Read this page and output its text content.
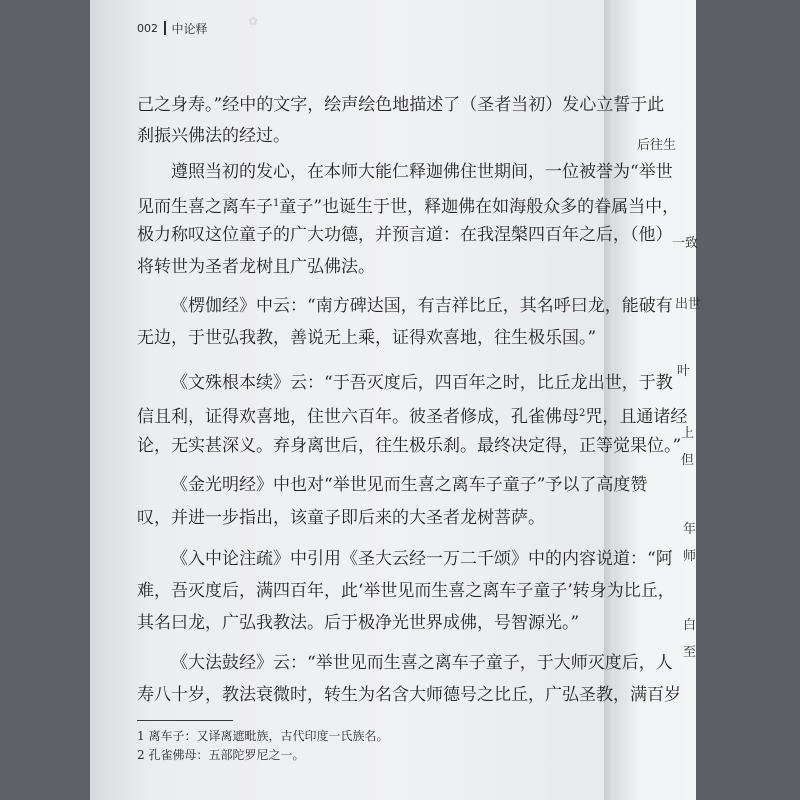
✿
002 中论释
己之身寿。”经中的文字，绘声绘色地描述了（圣者当初）发心立誓于此
刹振兴佛法的经过。
遵照当初的发心，在本师大能仁释迦佛住世期间，一位被誉为“举世
见而生喜之离车子$^1$童子”也诞生于世，释迦佛在如海般众多的眷属当中，
极力称叹这位童子的广大功德，并预言道：在我涅槃四百年之后，（他）
将转世为圣者龙树且广弘佛法。
《楞伽经》中云：“南方碑达国，有吉祥比丘，其名呼曰龙，能破有
无边，于世弘我教，善说无上乘，证得欢喜地，往生极乐国。”
《文殊根本续》云：“于吾灭度后，四百年之时，比丘龙出世，于教
信且利，证得欢喜地，住世六百年。彼圣者修成，孔雀佛母$^2$咒，且通诸经
论，无实甚深义。弃身离世后，往生极乐刹。最终决定得，正等觉果位。”
《金光明经》中也对“举世见而生喜之离车子童子”予以了高度赞
叹，并进一步指出，该童子即后来的大圣者龙树菩萨。
《入中论注疏》中引用《圣大云经一万二千颂》中的内容说道：“阿
难，吾灭度后，满四百年，此‘举世见而生喜之离车子童子’转身为比丘，
其名曰龙，广弘我教法。后于极净光世界成佛，号智源光。”
《大法鼓经》云：“举世见而生喜之离车子童子，于大师灭度后，人
寿八十岁，教法衰微时，转生为名含大师德号之比丘，广弘圣教，满百岁
1 离车子：又译离遮毗族，古代印度一氏族名。
2 孔雀佛母：五部陀罗尼之一。
后往生
一致
出世
叶
上
但
年
师
白
至
